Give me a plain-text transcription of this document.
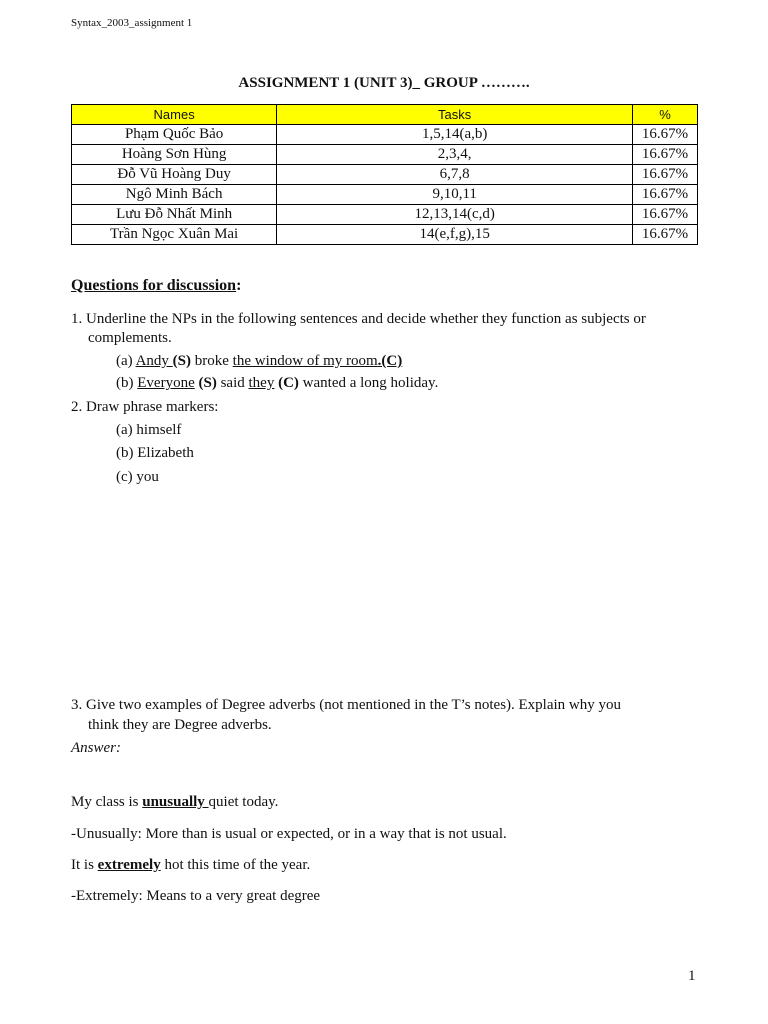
Syntax_2003_assignment 1
ASSIGNMENT 1 (UNIT 3)_ GROUP ……….
Names	Tasks	%
Phạm Quốc Bảo	1,5,14(a,b)	16.67%
Hoàng Sơn Hùng	2,3,4,	16.67%
Đỗ Vũ Hoàng Duy	6,7,8	16.67%
Ngô Minh Bách	9,10,11	16.67%
Lưu Đỗ Nhất Minh	12,13,14(c,d)	16.67%
Trần Ngọc Xuân Mai	14(e,f,g),15	16.67%
Questions for discussion:
1. Underline the NPs in the following sentences and decide whether they function as subjects or
complements.
(a) Andy (S) broke the window of my room.(C)
(b) Everyone (S) said they (C) wanted a long holiday.
2. Draw phrase markers:
(a) himself
(b) Elizabeth
(c) you
3. Give two examples of Degree adverbs (not mentioned in the T’s notes). Explain why you
think they are Degree adverbs.
Answer:
My class is unusually quiet today.
-Unusually: More than is usual or expected, or in a way that is not usual.
It is extremely hot this time of the year.
-Extremely: Means to a very great degree
1
